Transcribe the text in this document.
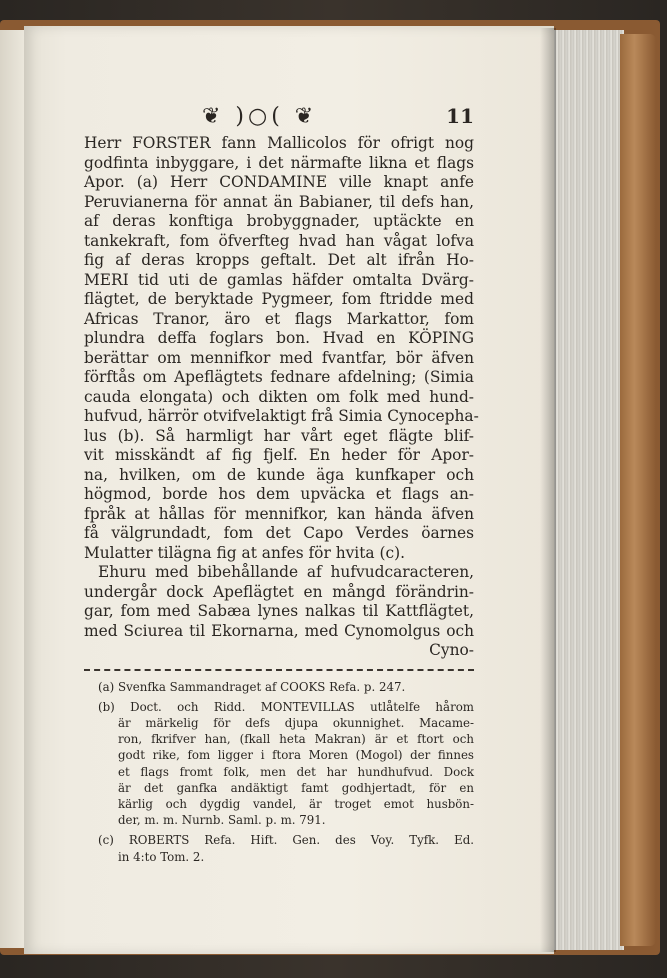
❦ )○( ❦	11
Herr FORSTER fann Mallicolos för ofrigt nog
godfinta inbyggare, i det närmafte likna et flags
Apor. (a) Herr CONDAMINE ville knapt anfe
Peruvianerna för annat än Babianer, til defs han,
af deras konftiga brobyggnader, uptäckte en
tankekraft, fom öfverfteg hvad han vågat lofva
fig af deras kropps geftalt. Det alt ifrån Ho-
MERI tid uti de gamlas häfder omtalta Dvärg-
flägtet, de beryktade Pygmeer, fom ftridde med
Africas Tranor, äro et flags Markattor, fom
plundra deffa foglars bon. Hvad en KÖPING
berättar om mennifkor med fvantfar, bör äfven
förftås om Apeflägtets fednare afdelning; (Simia
cauda elongata) och dikten om folk med hund-
hufvud, härrör otvifvelaktigt frå Simia Cynocepha-
lus (b). Så harmligt har vårt eget flägte blif-
vit misskändt af fig fjelf. En heder för Apor-
na, hvilken, om de kunde äga kunfkaper och
högmod, borde hos dem upväcka et flags an-
fpråk at hållas för mennifkor, kan hända äfven
få välgrundadt, fom det Capo Verdes öarnes
Mulatter tilägna fig at anfes för hvita (c).
Ehuru med bibehållande af hufvudcaracteren,
undergår dock Apeflägtet en mångd förändrin-
gar, fom med Sabæa lynes nalkas til Kattflägtet,
med Sciurea til Ekornarna, med Cynomolgus och
Cyno-
(a) Svenfka Sammandraget af COOKS Refa. p. 247.
(b) Doct. och Ridd. MONTEVILLAS utlåtelfe hårom
är märkelig för defs djupa okunnighet. Macame-
ron, fkrifver han, (fkall heta Makran) är et ftort och
godt rike, fom ligger i ftora Moren (Mogol) der finnes
et flags fromt folk, men det har hundhufvud. Dock
är det ganfka andäktigt famt godhjertadt, för en
kärlig och dygdig vandel, är troget emot husbön-
der, m. m. Nurnb. Saml. p. m. 791.
(c) ROBERTS Refa. Hift. Gen. des Voy. Tyfk. Ed.
in 4:to Tom. 2.
